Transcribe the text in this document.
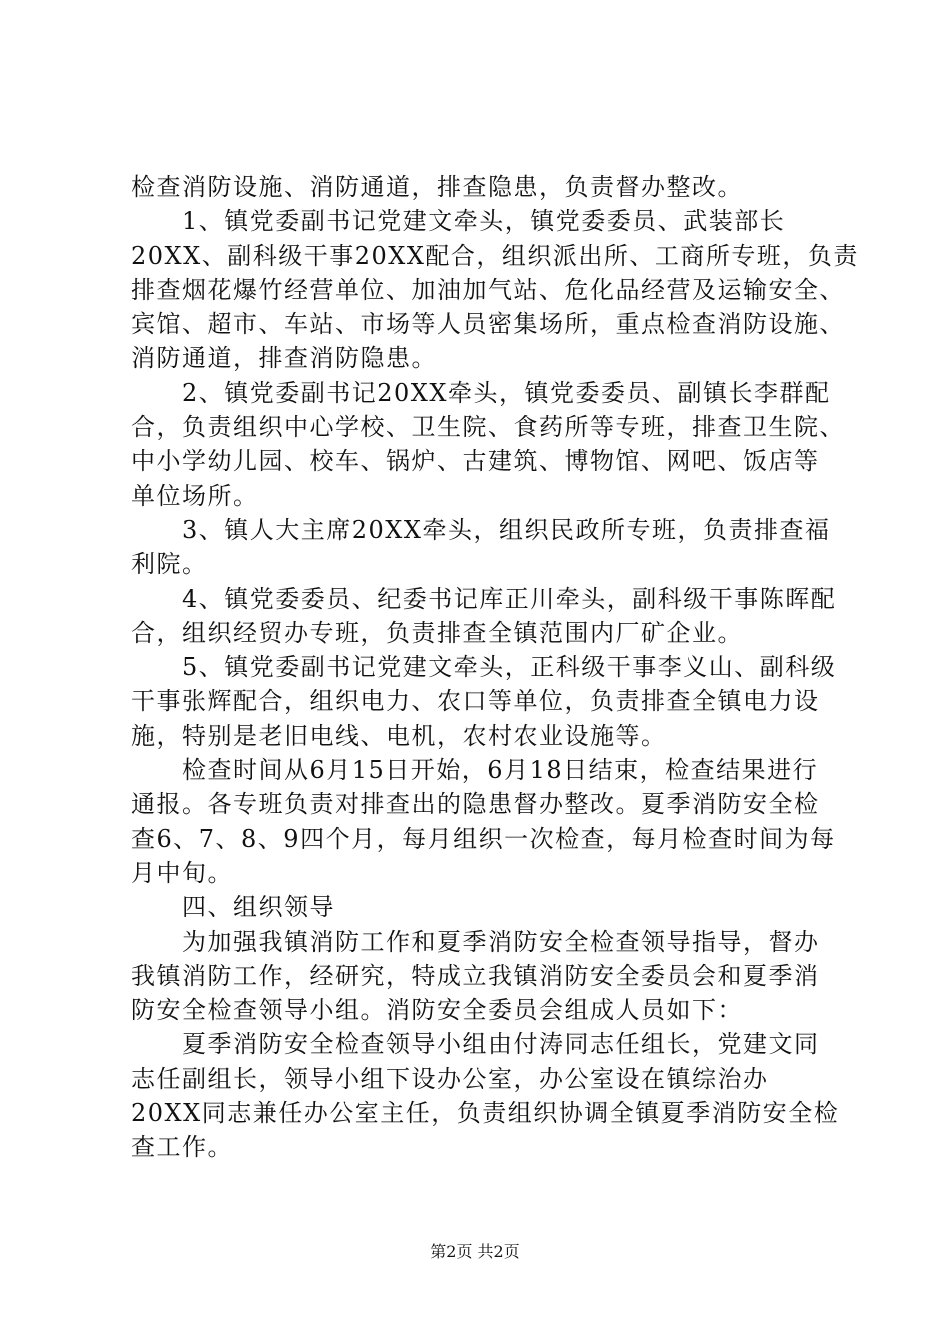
检查消防设施、消防通道，排查隐患，负责督办整改。
　　1、镇党委副书记党建文牵头，镇党委委员、武装部长
20XX、副科级干事20XX配合，组织派出所、工商所专班，负责
排查烟花爆竹经营单位、加油加气站、危化品经营及运输安全、
宾馆、超市、车站、市场等人员密集场所，重点检查消防设施、
消防通道，排查消防隐患。
　　2、镇党委副书记20XX牵头，镇党委委员、副镇长李群配
合，负责组织中心学校、卫生院、食药所等专班，排查卫生院、
中小学幼儿园、校车、锅炉、古建筑、博物馆、网吧、饭店等
单位场所。
　　3、镇人大主席20XX牵头，组织民政所专班，负责排查福
利院。
　　4、镇党委委员、纪委书记库正川牵头，副科级干事陈晖配
合，组织经贸办专班，负责排查全镇范围内厂矿企业。
　　5、镇党委副书记党建文牵头，正科级干事李义山、副科级
干事张辉配合，组织电力、农口等单位，负责排查全镇电力设
施，特别是老旧电线、电机，农村农业设施等。
　　检查时间从6月15日开始，6月18日结束，检查结果进行
通报。各专班负责对排查出的隐患督办整改。夏季消防安全检
查6、7、8、9四个月，每月组织一次检查，每月检查时间为每
月中旬。
　　四、组织领导
　　为加强我镇消防工作和夏季消防安全检查领导指导，督办
我镇消防工作，经研究，特成立我镇消防安全委员会和夏季消
防安全检查领导小组。消防安全委员会组成人员如下：
　　夏季消防安全检查领导小组由付涛同志任组长，党建文同
志任副组长，领导小组下设办公室，办公室设在镇综治办
20XX同志兼任办公室主任，负责组织协调全镇夏季消防安全检
查工作。
第2页 共2页
